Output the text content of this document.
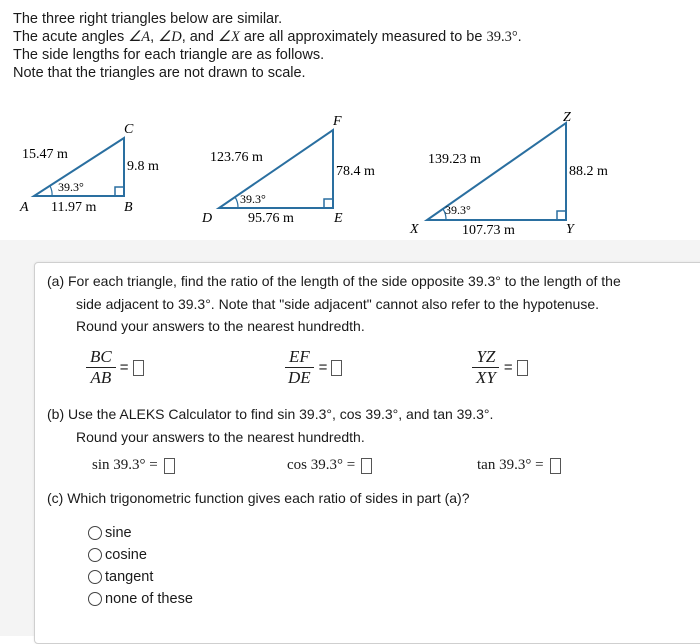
The three right triangles below are similar.
The acute angles ∠A, ∠D, and ∠X are all approximately measured to be 39.3°.
The side lengths for each triangle are as follows.
Note that the triangles are not drawn to scale.
15.47 m
9.8 m
39.3°
11.97 m
A	B
C
123.76 m
78.4 m
39.3°
95.76 m
D	E
F
139.23 m
88.2 m
39.3°
107.73 m
X	Y
Z
(a) For each triangle, find the ratio of the length of the side opposite 39.3° to the length of the
side adjacent to 39.3°. Note that "side adjacent" cannot also refer to the hypotenuse.
Round your answers to the nearest hundredth.
$\frac{BC}{AB}$ =	$\frac{EF}{DE}$ =	$\frac{YZ}{XY}$ =
(b) Use the ALEKS Calculator to find sin 39.3°, cos 39.3°, and tan 39.3°.
Round your answers to the nearest hundredth.
sin 39.3° =	cos 39.3° =	tan 39.3° =
(c) Which trigonometric function gives each ratio of sides in part (a)?
sine
cosine
tangent
none of these
